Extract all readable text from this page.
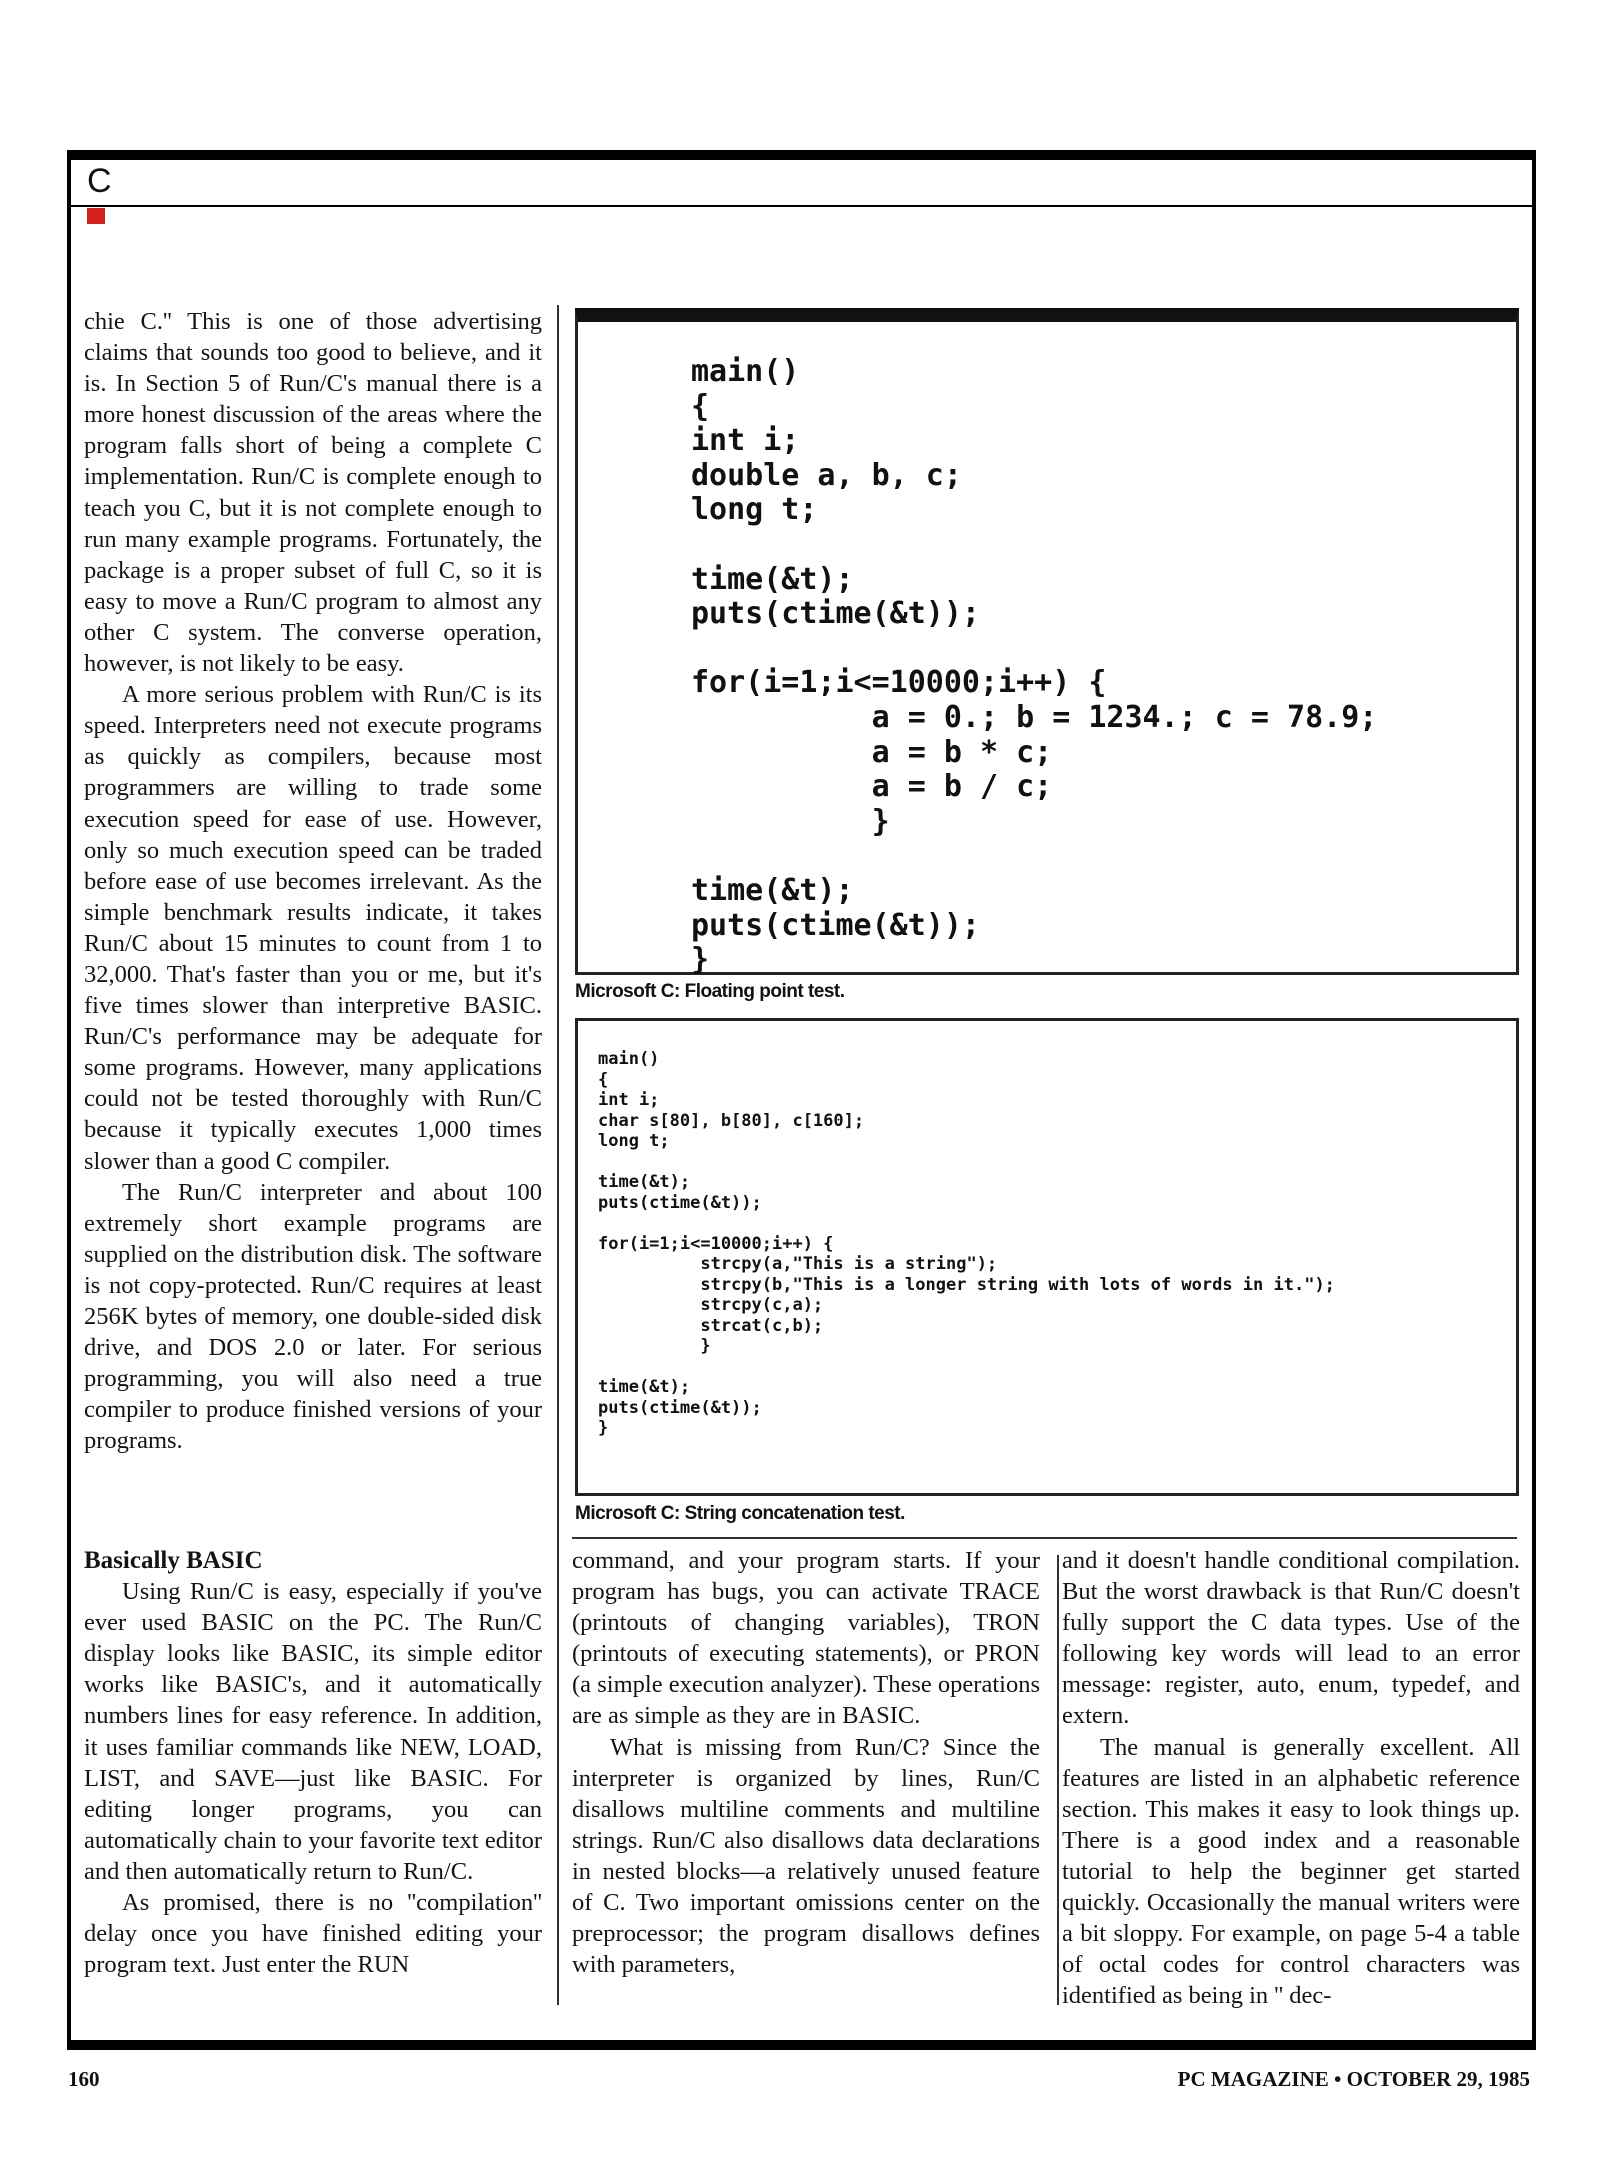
C

chie C.'' This is one of those advertising claims that sounds too good to believe, and it is. In Section 5 of Run/C's manual there is a more honest discussion of the areas where the program falls short of being a complete C implementation. Run/C is complete enough to teach you C, but it is not complete enough to run many example programs. Fortunately, the package is a proper subset of full C, so it is easy to move a Run/C program to almost any other C system. The converse operation, however, is not likely to be easy.

A more serious problem with Run/C is its speed. Interpreters need not execute programs as quickly as compilers, because most programmers are willing to trade some execution speed for ease of use. However, only so much execution speed can be traded before ease of use becomes irrelevant. As the simple benchmark results indicate, it takes Run/C about 15 minutes to count from 1 to 32,000. That's faster than you or me, but it's five times slower than interpretive BASIC. Run/C's performance may be adequate for some programs. However, many applications could not be tested thoroughly with Run/C because it typically executes 1,000 times slower than a good C compiler.

The Run/C interpreter and about 100 extremely short example programs are supplied on the distribution disk. The software is not copy-protected. Run/C requires at least 256K bytes of memory, one double-sided disk drive, and DOS 2.0 or later. For serious programming, you will also need a true compiler to produce finished versions of your programs.

Basically BASIC

Using Run/C is easy, especially if you've ever used BASIC on the PC. The Run/C display looks like BASIC, its simple editor works like BASIC's, and it automatically numbers lines for easy reference. In addition, it uses familiar commands like NEW, LOAD, LIST, and SAVE—just like BASIC. For editing longer programs, you can automatically chain to your favorite text editor and then automatically return to Run/C.

As promised, there is no ''compilation'' delay once you have finished editing your program text. Just enter the RUN

command, and your program starts. If your program has bugs, you can activate TRACE (printouts of changing variables), TRON (printouts of executing statements), or PRON (a simple execution analyzer). These operations are as simple as they are in BASIC.

What is missing from Run/C? Since the interpreter is organized by lines, Run/C disallows multiline comments and multiline strings. Run/C also disallows data declarations in nested blocks—a relatively unused feature of C. Two important omissions center on the preprocessor; the program disallows defines with parameters,

and it doesn't handle conditional compilation. But the worst drawback is that Run/C doesn't fully support the C data types. Use of the following key words will lead to an error message: register, auto, enum, typedef, and extern.

The manual is generally excellent. All features are listed in an alphabetic reference section. This makes it easy to look things up. There is a good index and a reasonable tutorial to help the beginner get started quickly. Occasionally the manual writers were a bit sloppy. For example, on page 5-4 a table of octal codes for control characters was identified as being in '' dec-

main()
{
int i;
double a, b, c;
long t;

time(&t);
puts(ctime(&t));

for(i=1;i<=10000;i++) {
a = 0.; b = 1234.; c = 78.9;
a = b * c;
a = b / c;
}

time(&t);
puts(ctime(&t));
}
Microsoft C: Floating point test.
main()
{
int i;
char s[80], b[80], c[160];
long t;

time(&t);
puts(ctime(&t));

for(i=1;i<=10000;i++) {
strcpy(a,"This is a string");
strcpy(b,"This is a longer string with lots of words in it.");
strcpy(c,a);
strcat(c,b);
}

time(&t);
puts(ctime(&t));
}
Microsoft C: String concatenation test.
160	PC MAGAZINE • OCTOBER 29, 1985
